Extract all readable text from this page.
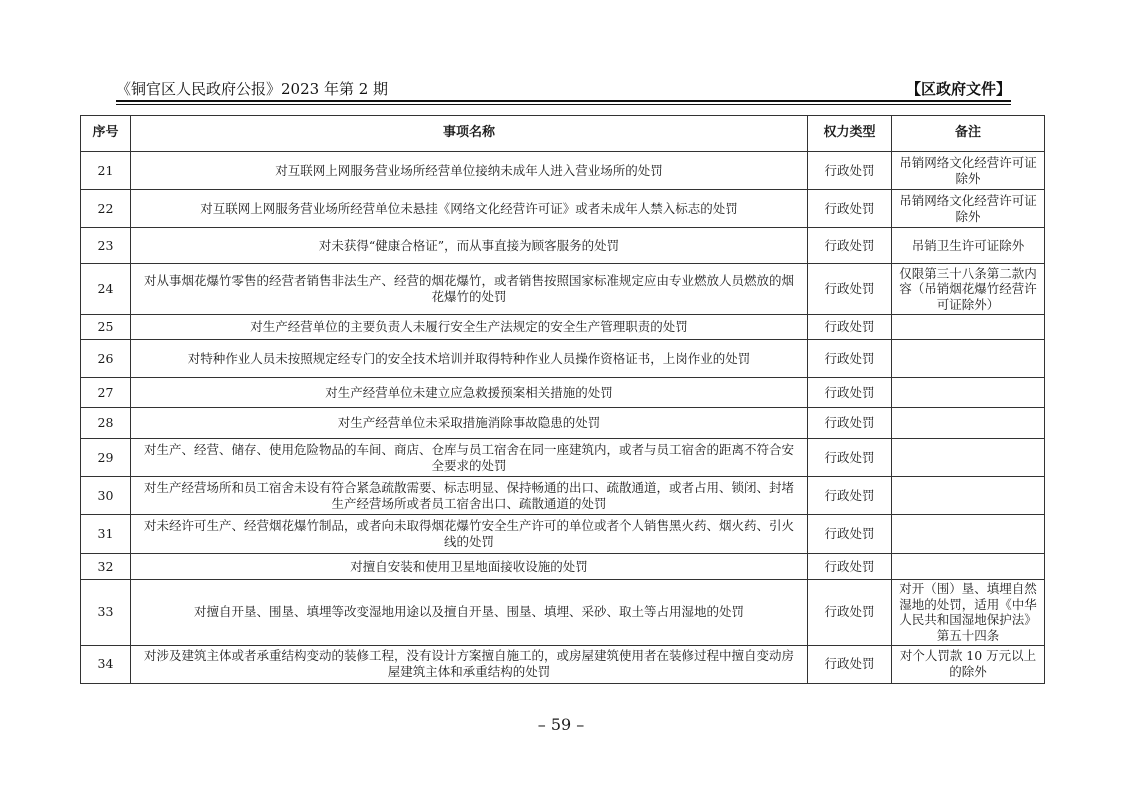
《铜官区人民政府公报》2023 年第 2 期	【区政府文件】
序号	事项名称	权力类型	备注
21	对互联网上网服务营业场所经营单位接纳未成年人进入营业场所的处罚	行政处罚	吊销网络文化经营许可证除外
22	对互联网上网服务营业场所经营单位未悬挂《网络文化经营许可证》或者未成年人禁入标志的处罚	行政处罚	吊销网络文化经营许可证除外
23	对未获得“健康合格证”，而从事直接为顾客服务的处罚	行政处罚	吊销卫生许可证除外
24	对从事烟花爆竹零售的经营者销售非法生产、经营的烟花爆竹，或者销售按照国家标准规定应由专业燃放人员燃放的烟花爆竹的处罚	行政处罚	仅限第三十八条第二款内容（吊销烟花爆竹经营许可证除外）
25	对生产经营单位的主要负责人未履行安全生产法规定的安全生产管理职责的处罚	行政处罚	
26	对特种作业人员未按照规定经专门的安全技术培训并取得特种作业人员操作资格证书，上岗作业的处罚	行政处罚	
27	对生产经营单位未建立应急救援预案相关措施的处罚	行政处罚	
28	对生产经营单位未采取措施消除事故隐患的处罚	行政处罚	
29	对生产、经营、储存、使用危险物品的车间、商店、仓库与员工宿舍在同一座建筑内，或者与员工宿舍的距离不符合安全要求的处罚	行政处罚	
30	对生产经营场所和员工宿舍未设有符合紧急疏散需要、标志明显、保持畅通的出口、疏散通道，或者占用、锁闭、封堵生产经营场所或者员工宿舍出口、疏散通道的处罚	行政处罚	
31	对未经许可生产、经营烟花爆竹制品，或者向未取得烟花爆竹安全生产许可的单位或者个人销售黑火药、烟火药、引火线的处罚	行政处罚	
32	对擅自安装和使用卫星地面接收设施的处罚	行政处罚	
33	对擅自开垦、围垦、填埋等改变湿地用途以及擅自开垦、围垦、填埋、采砂、取土等占用湿地的处罚	行政处罚	对开（围）垦、填埋自然湿地的处罚，适用《中华人民共和国湿地保护法》第五十四条
34	对涉及建筑主体或者承重结构变动的装修工程，没有设计方案擅自施工的，或房屋建筑使用者在装修过程中擅自变动房屋建筑主体和承重结构的处罚	行政处罚	对个人罚款 10 万元以上的除外
– 59 –
